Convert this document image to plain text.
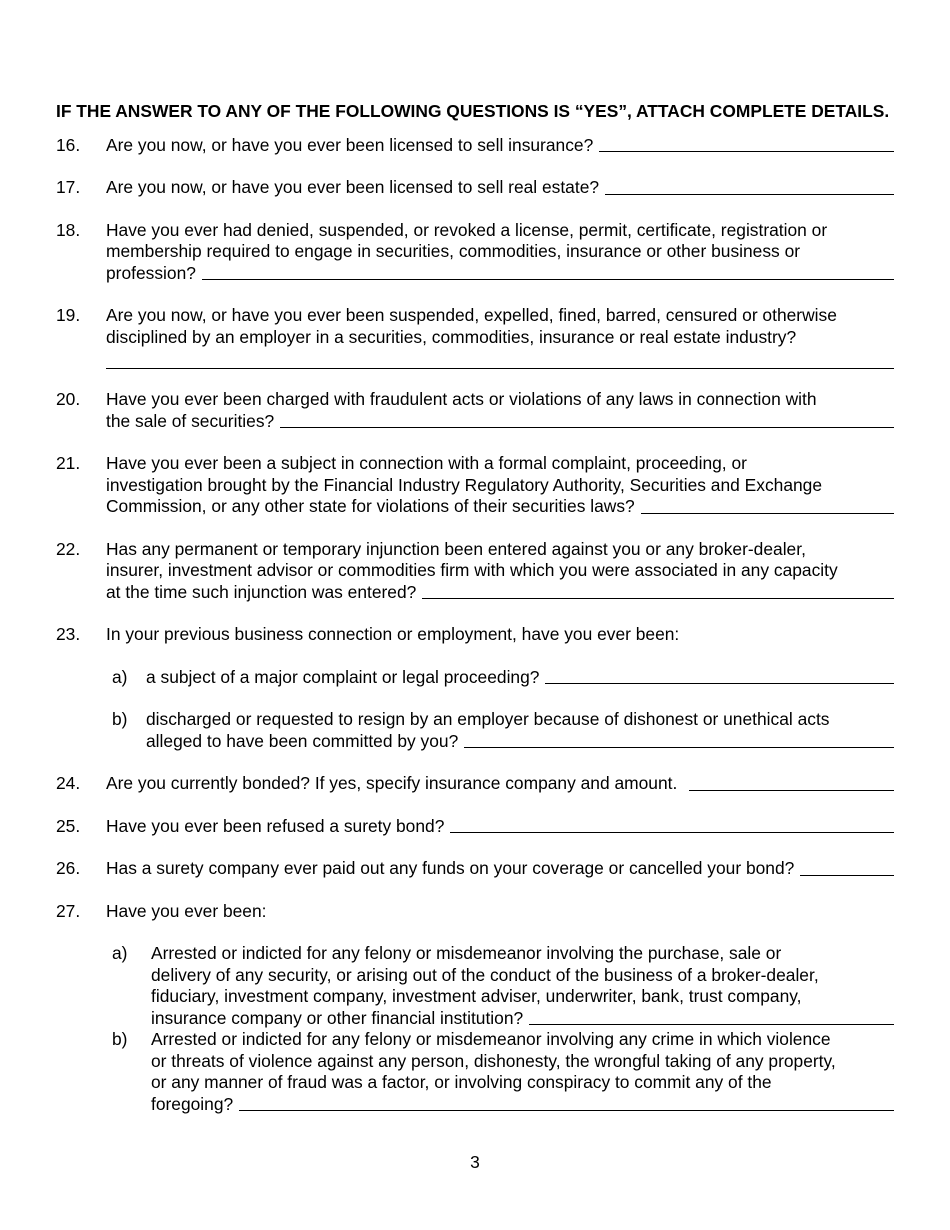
IF THE ANSWER TO ANY OF THE FOLLOWING QUESTIONS IS “YES”, ATTACH COMPLETE DETAILS.
16. Are you now, or have you ever been licensed to sell insurance?
17. Are you now, or have you ever been licensed to sell real estate?
18. Have you ever had denied, suspended, or revoked a license, permit, certificate, registration or
membership required to engage in securities, commodities, insurance or other business or
profession?
19. Are you now, or have you ever been suspended, expelled, fined, barred, censured or otherwise
disciplined by an employer in a securities, commodities, insurance or real estate industry?
20. Have you ever been charged with fraudulent acts or violations of any laws in connection with
the sale of securities?
21. Have you ever been a subject in connection with a formal complaint, proceeding, or
investigation brought by the Financial Industry Regulatory Authority, Securities and Exchange
Commission, or any other state for violations of their securities laws?
22. Has any permanent or temporary injunction been entered against you or any broker-dealer,
insurer, investment advisor or commodities firm with which you were associated in any capacity
at the time such injunction was entered?
23. In your previous business connection or employment, have you ever been:
a) a subject of a major complaint or legal proceeding?
b) discharged or requested to resign by an employer because of dishonest or unethical acts
alleged to have been committed by you?
24. Are you currently bonded? If yes, specify insurance company and amount.
25. Have you ever been refused a surety bond?
26. Has a surety company ever paid out any funds on your coverage or cancelled your bond?
27. Have you ever been:
a) Arrested or indicted for any felony or misdemeanor involving the purchase, sale or
delivery of any security, or arising out of the conduct of the business of a broker-dealer,
fiduciary, investment company, investment adviser, underwriter, bank, trust company,
insurance company or other financial institution?
b) Arrested or indicted for any felony or misdemeanor involving any crime in which violence
or threats of violence against any person, dishonesty, the wrongful taking of any property,
or any manner of fraud was a factor, or involving conspiracy to commit any of the
foregoing?
3
